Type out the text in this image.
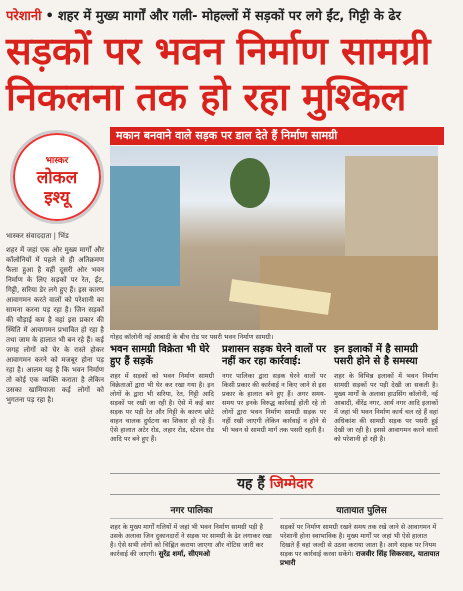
परेशानी • शहर में मुख्य मार्गों और गली- मोहल्लों में सड़कों पर लगे ईंट, गिट्टी के ढेर
सड़कों पर भवन निर्माण सामग्री
निकलना तक हो रहा मुश्किल
भास्कर
लोकल
इश्यू
भास्कर संवाददाता | भिंड
शहर में जहां एक ओर मुख्य मार्गों और कॉलोनियों में पहले से ही अतिक्रमण फैला हुआ है वहीं दूसरी ओर भवन निर्माण के लिए सड़कों पर रेत, ईंट, गिट्टी, सरिया डेर लगे हुए हैं। इस कारण आवागमन करते वालों को परेशानी का सामना करना पड़ रहा है। जिन सड़कों की चौड़ाई कम है वहां इस प्रकार की स्थिति में आवागमन प्रभावित हो रहा है तथा जाम के हालात भी बन रहे हैं। कई जगह लोगों को घेर के रास्ते होकर आवागमन करने को मजबूर होना पड़ रहा है। आलम यह है कि भवन निर्माण तो कोई एक व्यक्ति कराता है लेकिन उसका खामियाजा कई लोगों को भुगतना पड़ रहा है।
मकान बनवाने वाले सड़क पर डाल देते हैं निर्माण सामग्री
गोहद कॉलोनी नई आबादी के बीच रोड पर पसरी भवन निर्माण सामग्री।
भवन सामग्री विक्रेता भी घेरे हुए हैं सड़कें

शहर में सड़कों को भवन निर्माण सामग्री विक्रेताओं द्वारा भी घेर कर रखा गया है। इन लोगों के द्वारा भी सरिया, रेत, गिट्टी आदि सड़कों पर रखी जा रही है। ऐसे में कई बार सड़क पर पड़ी रेत और गिट्टी के कारण छोटे वाहन चालक दुर्घटना का शिकार हो रहे हैं। ऐसे हालात अटेर रोड, लहार रोड, स्टेशन रोड आदि पर बने हुए हैं।

प्रशासन सड़क घेरने वालों पर नहीं कर रहा कार्रवाई:

नगर पालिका द्वारा सड़क घेरने वालों पर किसी प्रकार की कार्रवाई न किए जाने से इस प्रकार के हालात बने हुए हैं। अगर समय- समय पर इनके विरुद्ध कार्रवाई होती रहे तो लोगों द्वारा भवन निर्माण सामग्री सड़क पर नहीं रखी जाएगी लेकिन कार्रवाई न होने से भी भवन से सामग्री मार्ग तक पसरी रहती है।

इन इलाकों में है सामग्री पसरी होने से है समस्या

शहर के विभिन्न इलाकों में भवन निर्माण सामग्री सड़कों पर पड़ी देखी जा सकती है। मुख्य मार्गों के अलावा हाउसिंग कॉलोनी, नई आबादी, वीरेंद्र नगर, आर्य नगर आदि इलाकों में जहां भी भवन निर्माण कार्य चल रहे हैं वहां अधिकांश की सामग्री सड़क पर पसरी हुई देखी जा रही है। इससे आवागमन करने वालों को परेशानी हो रही है।

यह हैं जिम्मेदार
नगर पालिका

शहर के मुख्य मार्गों गलियों में जहां भी भवन निर्माण सामग्री पड़ी है उसके अलावा जिन दुकानदारों ने सड़क पर सामग्री के ढेर लगाकर रखा है। ऐसे सभी लोगों को चिह्नित कराया जाएगा और नोटिस जारी कर कार्रवाई की जाएगी। सुरेंद्र शर्मा, सीएमओ

यातायात पुलिस

सड़कों पर निर्माण सामग्री रखने समय तक रखे जाने से आवागमन में परेशानी होना स्वाभाविक है। मुख्य मार्गों पर जहां भी ऐसे हालात दिखते हैं वहां जल्दी से उठवा कराया जाता है। आगे सड़क पर नियम सड़क पर कार्रवाई करवा सकेंगे। राजवीर सिंह सिकरवार, यातायात प्रभारी
